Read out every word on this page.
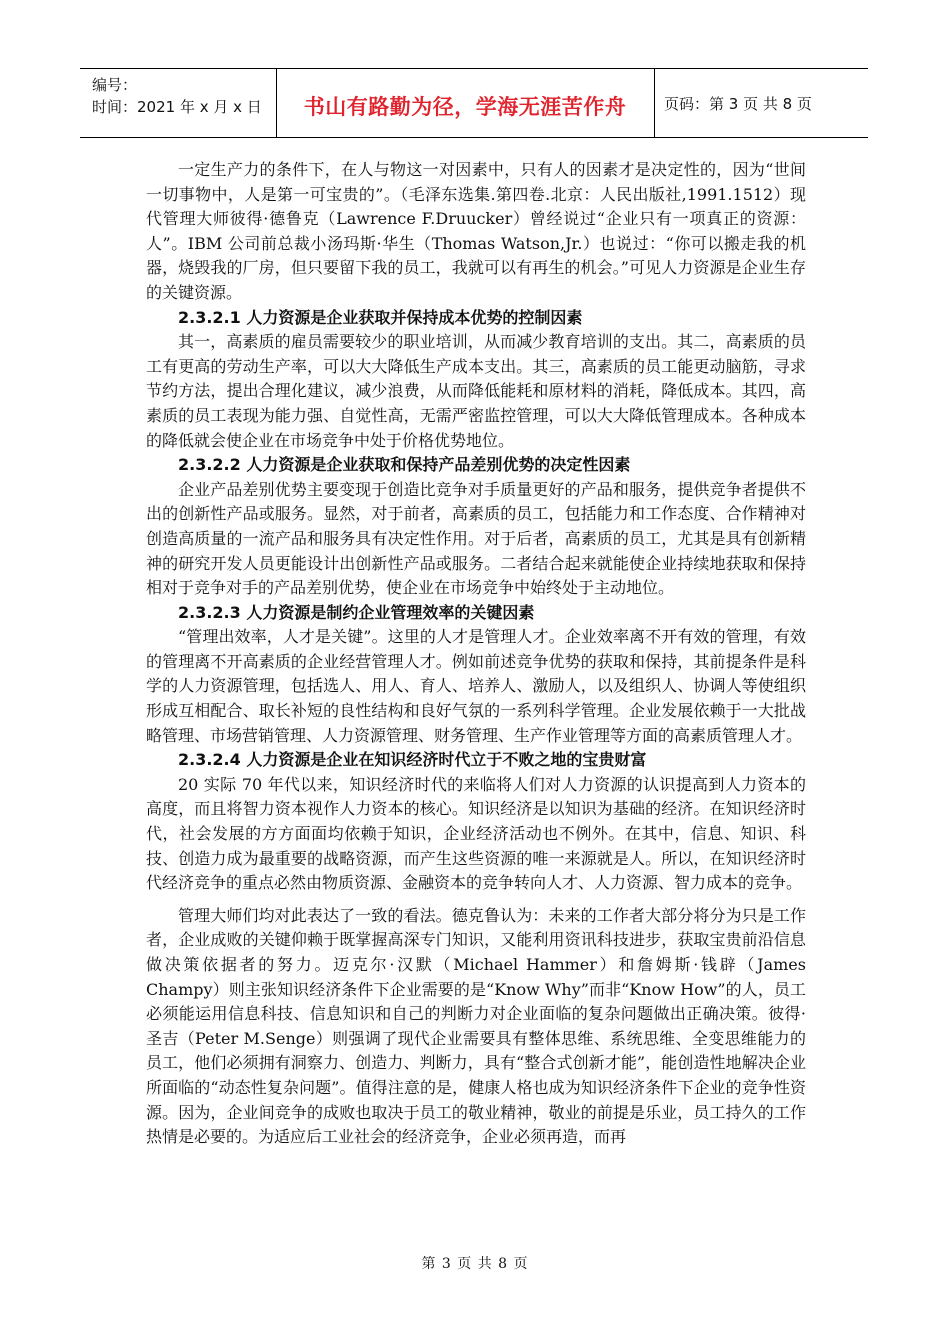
编号：
时间：2021 年 x 月 x 日	书山有路勤为径，学海无涯苦作舟	页码：第 3 页 共 8 页

一定生产力的条件下，在人与物这一对因素中，只有人的因素才是决定性的，因为“世间一切事物中，人是第一可宝贵的”。（毛泽东选集.第四卷.北京：人民出版社,1991.1512）现代管理大师彼得·德鲁克（Lawrence F.Druucker）曾经说过“企业只有一项真正的资源：人”。IBM 公司前总裁小汤玛斯·华生（Thomas Watson,Jr.）也说过：“你可以搬走我的机器，烧毁我的厂房，但只要留下我的员工，我就可以有再生的机会。”可见人力资源是企业生存的关键资源。

2.3.2.1 人力资源是企业获取并保持成本优势的控制因素

其一，高素质的雇员需要较少的职业培训，从而减少教育培训的支出。其二，高素质的员工有更高的劳动生产率，可以大大降低生产成本支出。其三，高素质的员工能更动脑筋，寻求节约方法，提出合理化建议，减少浪费，从而降低能耗和原材料的消耗，降低成本。其四，高素质的员工表现为能力强、自觉性高，无需严密监控管理，可以大大降低管理成本。各种成本的降低就会使企业在市场竞争中处于价格优势地位。

2.3.2.2 人力资源是企业获取和保持产品差别优势的决定性因素

企业产品差别优势主要变现于创造比竞争对手质量更好的产品和服务，提供竞争者提供不出的创新性产品或服务。显然，对于前者，高素质的员工，包括能力和工作态度、合作精神对创造高质量的一流产品和服务具有决定性作用。对于后者，高素质的员工，尤其是具有创新精神的研究开发人员更能设计出创新性产品或服务。二者结合起来就能使企业持续地获取和保持相对于竞争对手的产品差别优势，使企业在市场竞争中始终处于主动地位。

2.3.2.3 人力资源是制约企业管理效率的关键因素

“管理出效率，人才是关键”。这里的人才是管理人才。企业效率离不开有效的管理，有效的管理离不开高素质的企业经营管理人才。例如前述竞争优势的获取和保持，其前提条件是科学的人力资源管理，包括选人、用人、育人、培养人、激励人，以及组织人、协调人等使组织形成互相配合、取长补短的良性结构和良好气氛的一系列科学管理。企业发展依赖于一大批战略管理、市场营销管理、人力资源管理、财务管理、生产作业管理等方面的高素质管理人才。

2.3.2.4 人力资源是企业在知识经济时代立于不败之地的宝贵财富

20 实际 70 年代以来，知识经济时代的来临将人们对人力资源的认识提高到人力资本的高度，而且将智力资本视作人力资本的核心。知识经济是以知识为基础的经济。在知识经济时代，社会发展的方方面面均依赖于知识，企业经济活动也不例外。在其中，信息、知识、科技、创造力成为最重要的战略资源，而产生这些资源的唯一来源就是人。所以，在知识经济时代经济竞争的重点必然由物质资源、金融资本的竞争转向人才、人力资源、智力成本的竞争。

管理大师们均对此表达了一致的看法。德克鲁认为：未来的工作者大部分将分为只是工作者，企业成败的关键仰赖于既掌握高深专门知识，又能利用资讯科技进步，获取宝贵前沿信息做决策依据者的努力。迈克尔·汉默（Michael Hammer）和詹姆斯·钱辟（James Champy）则主张知识经济条件下企业需要的是“Know Why”而非“Know How”的人，员工必须能运用信息科技、信息知识和自己的判断力对企业面临的复杂问题做出正确决策。彼得·圣吉（Peter M.Senge）则强调了现代企业需要具有整体思维、系统思维、全变思维能力的员工，他们必须拥有洞察力、创造力、判断力，具有“整合式创新才能”，能创造性地解决企业所面临的“动态性复杂问题”。值得注意的是，健康人格也成为知识经济条件下企业的竞争性资源。因为，企业间竞争的成败也取决于员工的敬业精神，敬业的前提是乐业，员工持久的工作热情是必要的。为适应后工业社会的经济竞争，企业必须再造，而再

第 3 页 共 8 页
